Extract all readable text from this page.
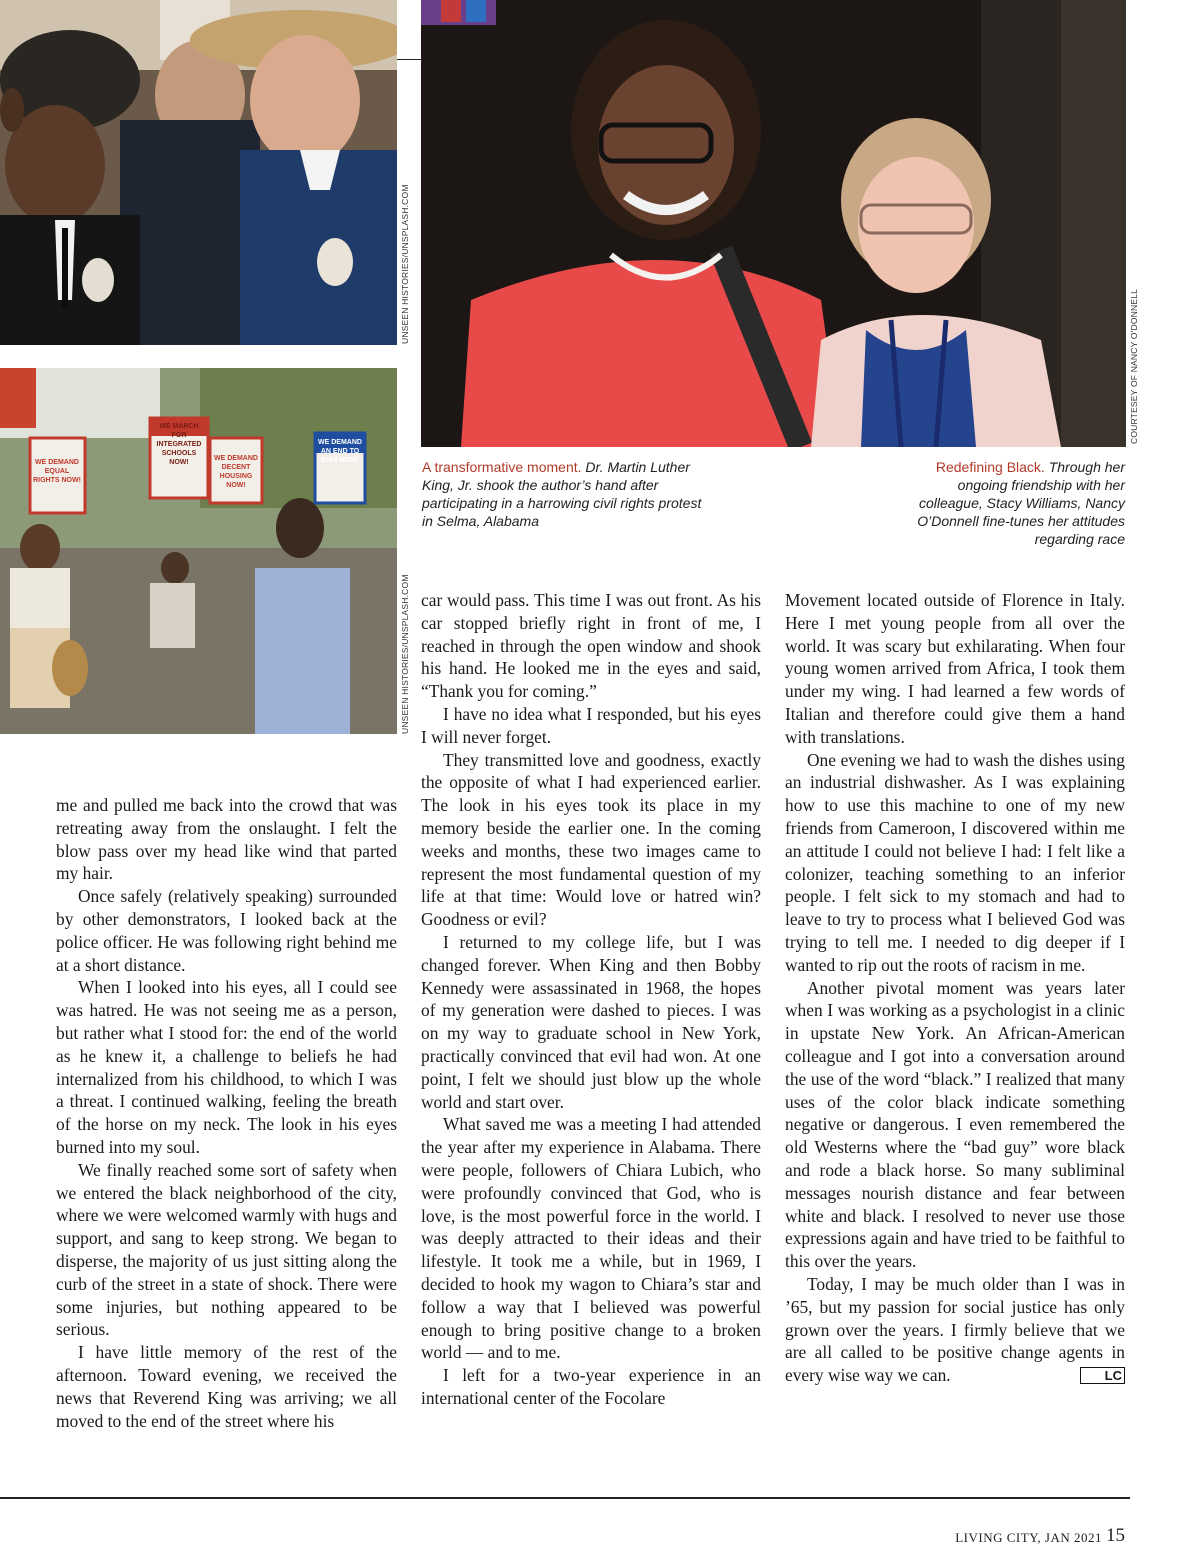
UNSEEN HISTORIES/UNSPLASH.COM
WE DEMAND EQUAL RIGHTS NOW!
WE MARCH FOR INTEGRATED SCHOOLS NOW!
WE DEMAND DECENT HOUSING NOW!
WE DEMAND AN END TO BIAS NOW!
UNSEEN HISTORIES/UNSPLASH.COM
COURTESEY OF NANCY O'DONNELL
A transformative moment. Dr. Martin Luther King, Jr. shook the author’s hand after participating in a harrowing civil rights protest in Selma, Alabama
Redefining Black. Through her ongoing friendship with her colleague, Stacy Williams, Nancy O’Donnell fine-tunes her attitudes regarding race

me and pulled me back into the crowd that was retreating away from the onslaught. I felt the blow pass over my head like wind that parted my hair.

Once safely (relatively speaking) surrounded by other demonstrators, I looked back at the police officer. He was following right behind me at a short distance.

When I looked into his eyes, all I could see was hatred. He was not seeing me as a person, but rather what I stood for: the end of the world as he knew it, a challenge to beliefs he had internalized from his childhood, to which I was a threat. I continued walking, feeling the breath of the horse on my neck. The look in his eyes burned into my soul.

We finally reached some sort of safety when we entered the black neighborhood of the city, where we were welcomed warmly with hugs and support, and sang to keep strong. We began to disperse, the majority of us just sitting along the curb of the street in a state of shock. There were some injuries, but nothing appeared to be serious.

I have little memory of the rest of the afternoon. Toward evening, we received the news that Reverend King was arriving; we all moved to the end of the street where his

car would pass. This time I was out front. As his car stopped briefly right in front of me, I reached in through the open window and shook his hand. He looked me in the eyes and said, “Thank you for coming.”

I have no idea what I responded, but his eyes I will never forget.

They transmitted love and goodness, exactly the opposite of what I had experienced earlier. The look in his eyes took its place in my memory beside the earlier one. In the coming weeks and months, these two images came to represent the most fundamental question of my life at that time: Would love or hatred win? Goodness or evil?

I returned to my college life, but I was changed forever. When King and then Bobby Kennedy were assassinated in 1968, the hopes of my generation were dashed to pieces. I was on my way to graduate school in New York, practically convinced that evil had won. At one point, I felt we should just blow up the whole world and start over.

What saved me was a meeting I had attended the year after my experience in Alabama. There were people, followers of Chiara Lubich, who were profoundly convinced that God, who is love, is the most powerful force in the world. I was deeply attracted to their ideas and their lifestyle. It took me a while, but in 1969, I decided to hook my wagon to Chiara’s star and follow a way that I believed was powerful enough to bring positive change to a broken world — and to me.

I left for a two-year experience in an international center of the Focolare

Movement located outside of Florence in Italy. Here I met young people from all over the world. It was scary but exhilarating. When four young women arrived from Africa, I took them under my wing. I had learned a few words of Italian and therefore could give them a hand with translations.

One evening we had to wash the dishes using an industrial dishwasher. As I was explaining how to use this machine to one of my new friends from Cameroon, I discovered within me an attitude I could not believe I had: I felt like a colonizer, teaching something to an inferior people. I felt sick to my stomach and had to leave to try to process what I believed God was trying to tell me. I needed to dig deeper if I wanted to rip out the roots of racism in me.

Another pivotal moment was years later when I was working as a psychologist in a clinic in upstate New York. An African-American colleague and I got into a conversation around the use of the word “black.” I realized that many uses of the color black indicate something negative or dangerous. I even remembered the old Westerns where the “bad guy” wore black and rode a black horse. So many subliminal messages nourish distance and fear between white and black. I resolved to never use those expressions again and have tried to be faithful to this over the years.

Today, I may be much older than I was in ’65, but my passion for social justice has only grown over the years. I firmly believe that we are all called to be positive change agents in every wise way we can.	LC

LIVING CITY, JAN 2021 15
